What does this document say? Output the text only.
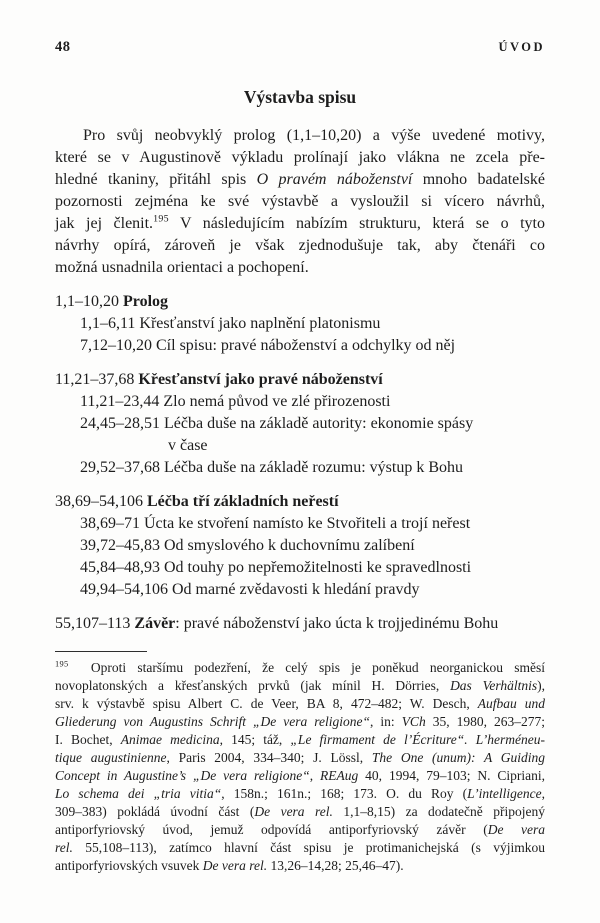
48	ÚVOD
Výstavba spisu
Pro svůj neobvyklý prolog (1,1–10,20) a výše uvedené motivy,
které se v Augustinově výkladu prolínají jako vlákna ne zcela pře-
hledné tkaniny, přitáhl spis O pravém náboženství mnoho badatelské
pozornosti zejména ke své výstavbě a vysloužil si vícero návrhů,
jak jej členit.$^{195}$ V následujícím nabízím strukturu, která se o tyto
návrhy opírá, zároveň je však zjednodušuje tak, aby čtenáři co
možná usnadnila orientaci a pochopení.
1,1–10,20 Prolog
1,1–6,11 Křesťanství jako naplnění platonismu
7,12–10,20 Cíl spisu: pravé náboženství a odchylky od něj
11,21–37,68 Křesťanství jako pravé náboženství
11,21–23,44 Zlo nemá původ ve zlé přirozenosti
24,45–28,51 Léčba duše na základě autority: ekonomie spásy
v čase
29,52–37,68 Léčba duše na základě rozumu: výstup k Bohu
38,69–54,106 Léčba tří základních neřestí
38,69–71 Úcta ke stvoření namísto ke Stvořiteli a trojí neřest
39,72–45,83 Od smyslového k duchovnímu zalíbení
45,84–48,93 Od touhy po nepřemožitelnosti ke spravedlnosti
49,94–54,106 Od marné zvědavosti k hledání pravdy
55,107–113 Závěr: pravé náboženství jako úcta k trojjedinému Bohu
$^{195}$  Oproti staršímu podezření, že celý spis je poněkud neorganickou směsí
novoplatonských a křesťanských prvků (jak mínil H. Dörries, Das Verhältnis),
srv. k výstavbě spisu Albert C. de Veer, BA 8, 472–482; W. Desch, Aufbau und
Gliederung von Augustins Schrift „De vera religione“, in: VCh 35, 1980, 263–277;
I. Bochet, Animae medicina, 145; táž, „Le firmament de l’Écriture“. L’herméneu-
tique augustinienne, Paris 2004, 334–340; J. Lössl, The One (unum): A Guiding
Concept in Augustine’s „De vera religione“, REAug 40, 1994, 79–103; N. Cipriani,
Lo schema dei „tria vitia“, 158n.; 161n.; 168; 173. O. du Roy (L’intelligence,
309–383) pokládá úvodní část (De vera rel. 1,1–8,15) za dodatečně připojený
antiporfyriovský úvod, jemuž odpovídá antiporfyriovský závěr (De vera
rel. 55,108–113), zatímco hlavní část spisu je protimanichejská (s výjimkou
antiporfyriovských vsuvek De vera rel. 13,26–14,28; 25,46–47).
